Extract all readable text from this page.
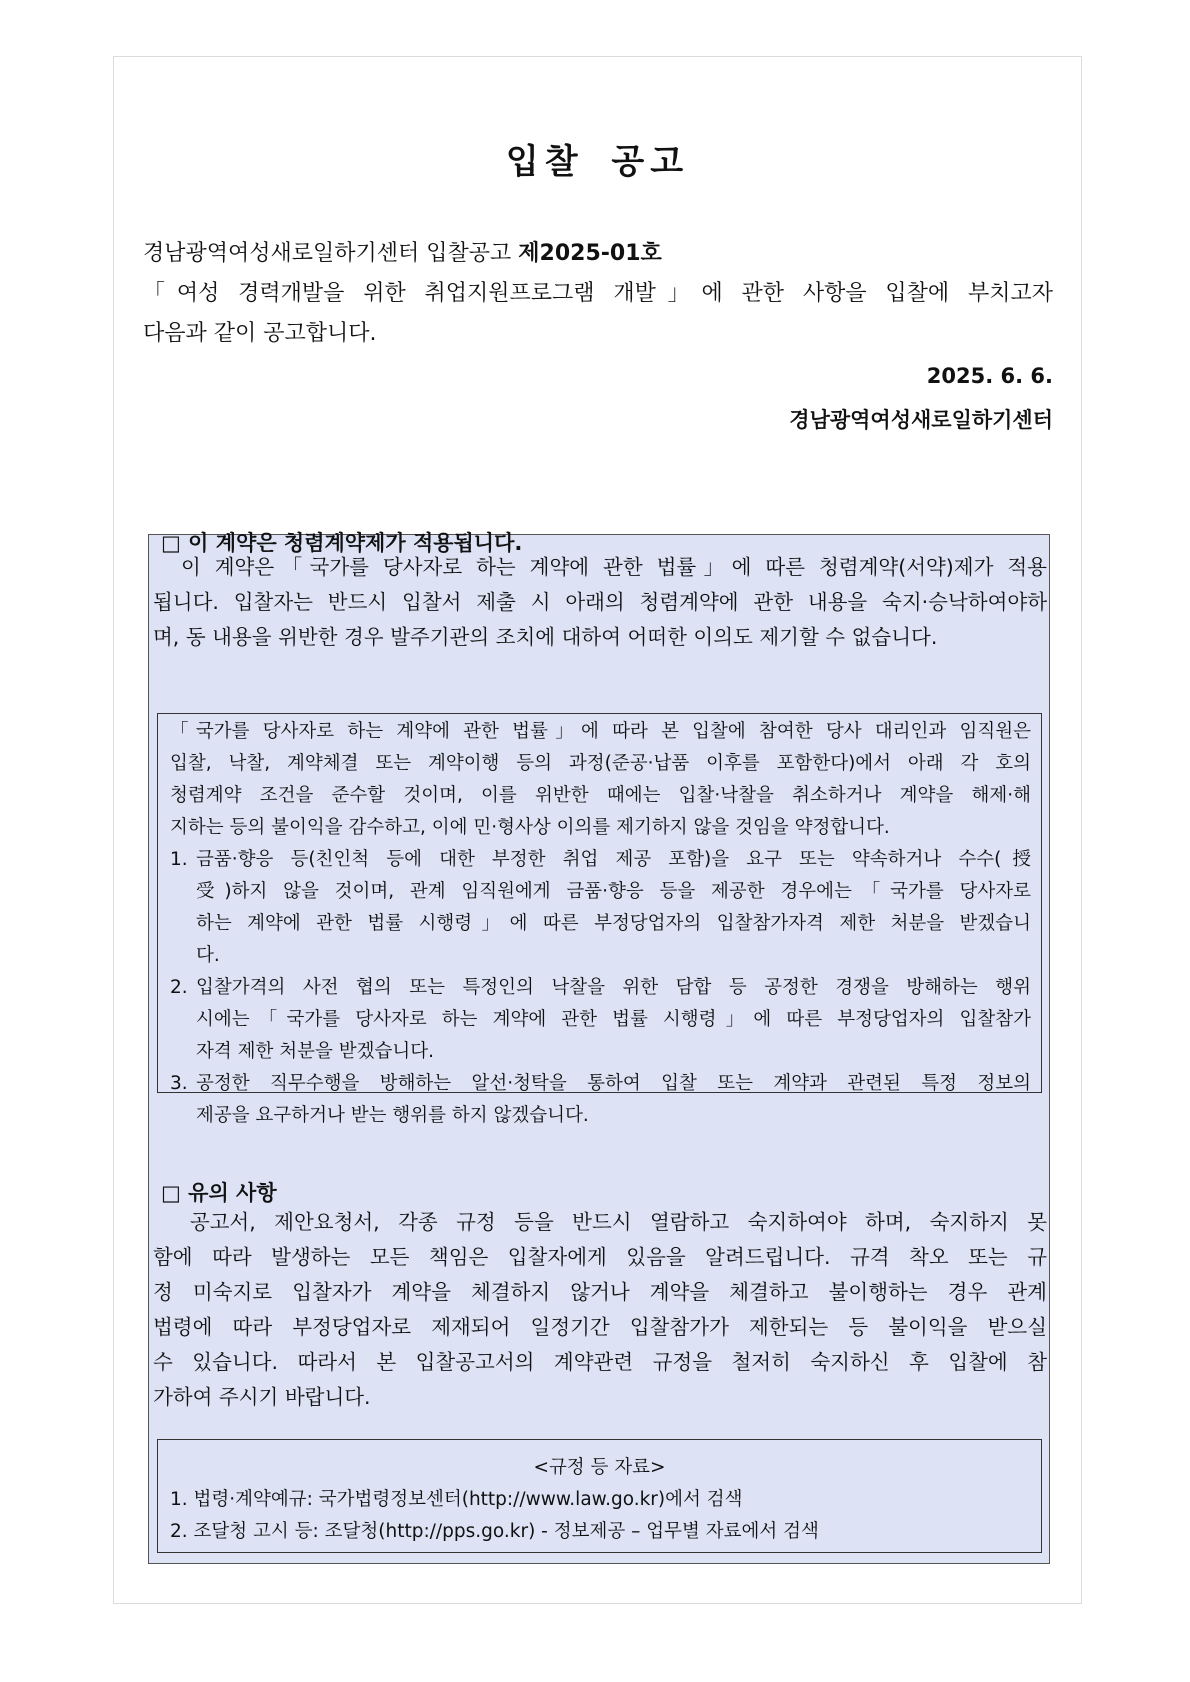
입찰 공고

경남광역여성새로일하기센터 입찰공고 제2025-01호

「여성 경력개발을 위한 취업지원프로그램 개발」에 관한 사항을 입찰에 부치고자

다음과 같이 공고합니다.

2025. 6. 6.
경남광역여성새로일하기센터
□ 이 계약은 청렴계약제가 적용됩니다.
이 계약은「국가를 당사자로 하는 계약에 관한 법률」에 따른 청렴계약(서약)제가 적용
됩니다. 입찰자는 반드시 입찰서 제출 시 아래의 청렴계약에 관한 내용을 숙지·승낙하여야하
며, 동 내용을 위반한 경우 발주기관의 조치에 대하여 어떠한 이의도 제기할 수 없습니다.
「국가를 당사자로 하는 계약에 관한 법률」에 따라 본 입찰에 참여한 당사 대리인과 임직원은
입찰, 낙찰, 계약체결 또는 계약이행 등의 과정(준공·납품 이후를 포함한다)에서 아래 각 호의
청렴계약 조건을 준수할 것이며, 이를 위반한 때에는 입찰·낙찰을 취소하거나 계약을 해제·해
지하는 등의 불이익을 감수하고, 이에 민·형사상 이의를 제기하지 않을 것임을 약정합니다.
1. 금품·향응 등(친인척 등에 대한 부정한 취업 제공 포함)을 요구 또는 약속하거나 수수(授
受)하지 않을 것이며, 관계 임직원에게 금품·향응 등을 제공한 경우에는「국가를 당사자로
하는 계약에 관한 법률 시행령」에 따른 부정당업자의 입찰참가자격 제한 처분을 받겠습니
다.
2. 입찰가격의 사전 협의 또는 특정인의 낙찰을 위한 담합 등 공정한 경쟁을 방해하는 행위
시에는「국가를 당사자로 하는 계약에 관한 법률 시행령」에 따른 부정당업자의 입찰참가
자격 제한 처분을 받겠습니다.
3. 공정한 직무수행을 방해하는 알선·청탁을 통하여 입찰 또는 계약과 관련된 특정 정보의
제공을 요구하거나 받는 행위를 하지 않겠습니다.
□ 유의 사항
공고서, 제안요청서, 각종 규정 등을 반드시 열람하고 숙지하여야 하며, 숙지하지 못
함에 따라 발생하는 모든 책임은 입찰자에게 있음을 알려드립니다. 규격 착오 또는 규
정 미숙지로 입찰자가 계약을 체결하지 않거나 계약을 체결하고 불이행하는 경우 관계
법령에 따라 부정당업자로 제재되어 일정기간 입찰참가가 제한되는 등 불이익을 받으실
수 있습니다. 따라서 본 입찰공고서의 계약관련 규정을 철저히 숙지하신 후 입찰에 참
가하여 주시기 바랍니다.
<규정 등 자료>
1. 법령·계약예규: 국가법령정보센터(http://www.law.go.kr)에서 검색
2. 조달청 고시 등: 조달청(http://pps.go.kr) - 정보제공 – 업무별 자료에서 검색
